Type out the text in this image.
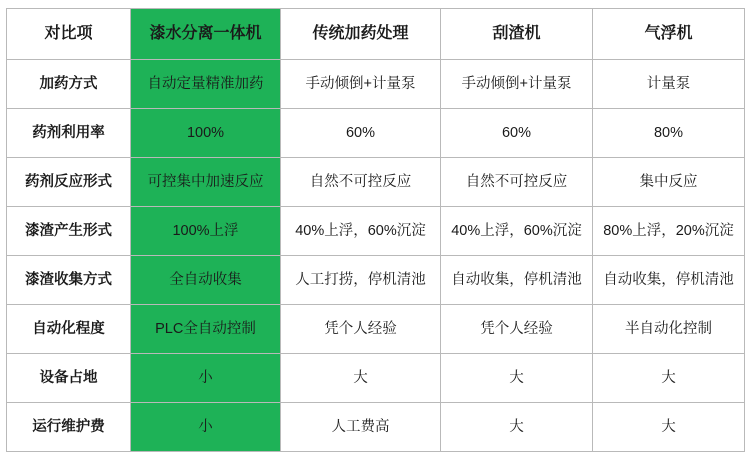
对比项	漆水分离一体机	传统加药处理	刮渣机	气浮机
加药方式	自动定量精准加药	手动倾倒+计量泵	手动倾倒+计量泵	计量泵
药剂利用率	100%	60%	60%	80%
药剂反应形式	可控集中加速反应	自然不可控反应	自然不可控反应	集中反应
漆渣产生形式	100%上浮	40%上浮，60%沉淀	40%上浮，60%沉淀	80%上浮，20%沉淀
漆渣收集方式	全自动收集	人工打捞，停机清池	自动收集，停机清池	自动收集，停机清池
自动化程度	PLC全自动控制	凭个人经验	凭个人经验	半自动化控制
设备占地	小	大	大	大
运行维护费	小	人工费高	大	大
